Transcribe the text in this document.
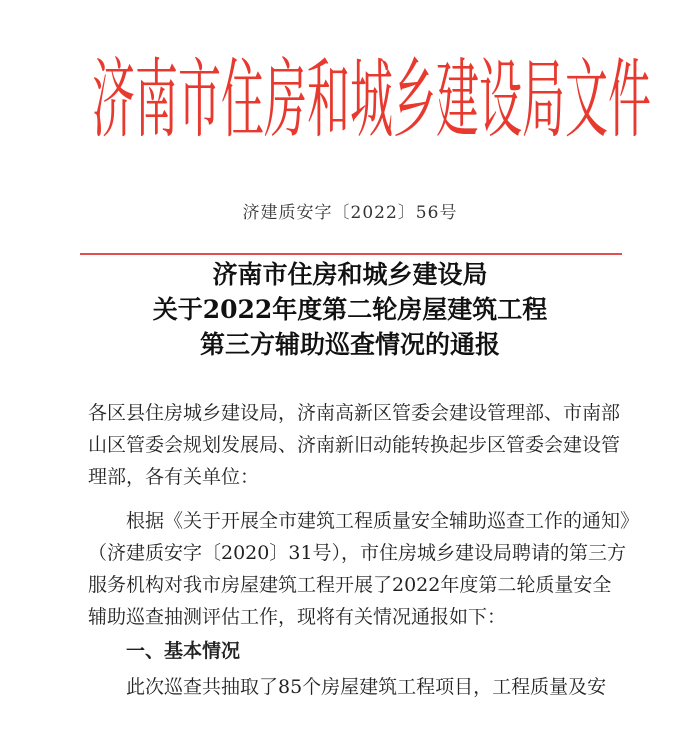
济南市住房和城乡建设局文件
济建质安字〔2022〕56号
济南市住房和城乡建设局
关于2022年度第二轮房屋建筑工程
第三方辅助巡查情况的通报
各区县住房城乡建设局，济南高新区管委会建设管理部、市南部
山区管委会规划发展局、济南新旧动能转换起步区管委会建设管
理部，各有关单位：
根据《关于开展全市建筑工程质量安全辅助巡查工作的通知》
（济建质安字〔2020〕31号），市住房城乡建设局聘请的第三方
服务机构对我市房屋建筑工程开展了2022年度第二轮质量安全
辅助巡查抽测评估工作，现将有关情况通报如下：
一、基本情况
此次巡查共抽取了85个房屋建筑工程项目，工程质量及安
